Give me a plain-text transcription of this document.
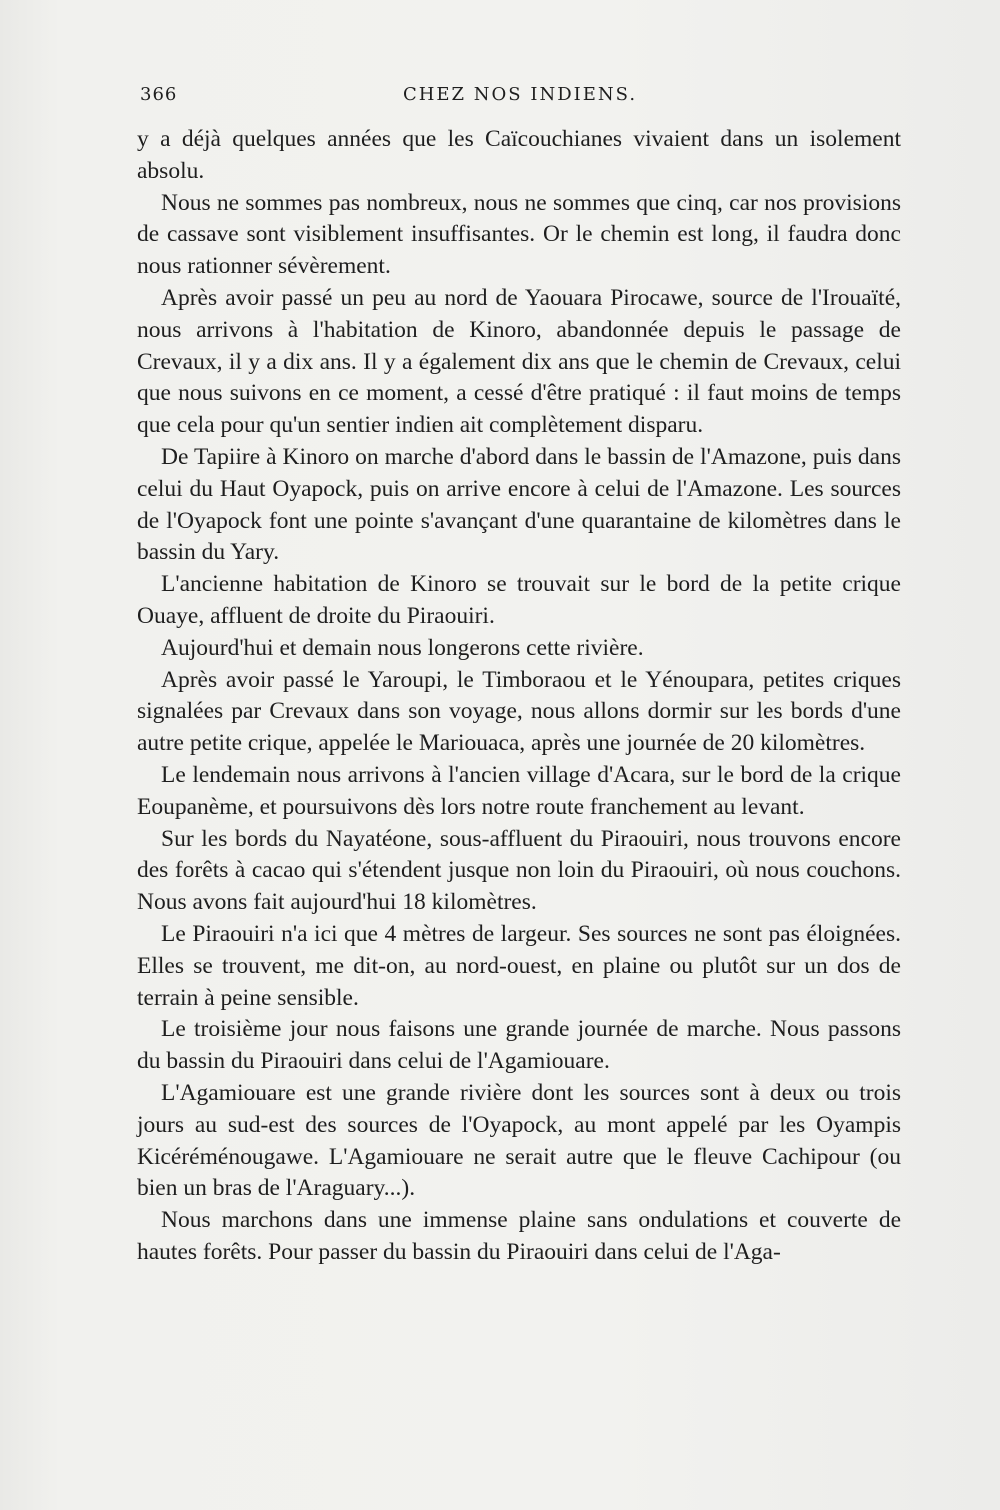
366	CHEZ NOS INDIENS.

y a déjà quelques années que les Caïcouchianes vivaient dans un isolement absolu.

Nous ne sommes pas nombreux, nous ne sommes que cinq, car nos provisions de cassave sont visiblement insuffisantes. Or le chemin est long, il faudra donc nous rationner sévèrement.

Après avoir passé un peu au nord de Yaouara Pirocawe, source de l'Irouaïté, nous arrivons à l'habitation de Kinoro, abandonnée depuis le passage de Crevaux, il y a dix ans. Il y a également dix ans que le chemin de Crevaux, celui que nous suivons en ce moment, a cessé d'être pratiqué : il faut moins de temps que cela pour qu'un sentier indien ait complètement disparu.

De Tapiire à Kinoro on marche d'abord dans le bassin de l'Amazone, puis dans celui du Haut Oyapock, puis on arrive encore à celui de l'Amazone. Les sources de l'Oyapock font une pointe s'avançant d'une quarantaine de kilomètres dans le bassin du Yary.

L'ancienne habitation de Kinoro se trouvait sur le bord de la petite crique Ouaye, affluent de droite du Piraouiri.

Aujourd'hui et demain nous longerons cette rivière.

Après avoir passé le Yaroupi, le Timboraou et le Yénoupara, petites criques signalées par Crevaux dans son voyage, nous allons dormir sur les bords d'une autre petite crique, appelée le Mariouaca, après une journée de 20 kilomètres.

Le lendemain nous arrivons à l'ancien village d'Acara, sur le bord de la crique Eoupanème, et poursuivons dès lors notre route franchement au levant.

Sur les bords du Nayatéone, sous-affluent du Piraouiri, nous trouvons encore des forêts à cacao qui s'étendent jusque non loin du Piraouiri, où nous couchons. Nous avons fait aujourd'hui 18 kilomètres.

Le Piraouiri n'a ici que 4 mètres de largeur. Ses sources ne sont pas éloignées. Elles se trouvent, me dit-on, au nord-ouest, en plaine ou plutôt sur un dos de terrain à peine sensible.

Le troisième jour nous faisons une grande journée de marche. Nous passons du bassin du Piraouiri dans celui de l'Agamiouare.

L'Agamiouare est une grande rivière dont les sources sont à deux ou trois jours au sud-est des sources de l'Oyapock, au mont appelé par les Oyampis Kicéréménougawe. L'Agamiouare ne serait autre que le fleuve Cachipour (ou bien un bras de l'Araguary...).

Nous marchons dans une immense plaine sans ondulations et couverte de hautes forêts. Pour passer du bassin du Piraouiri dans celui de l'Aga-
